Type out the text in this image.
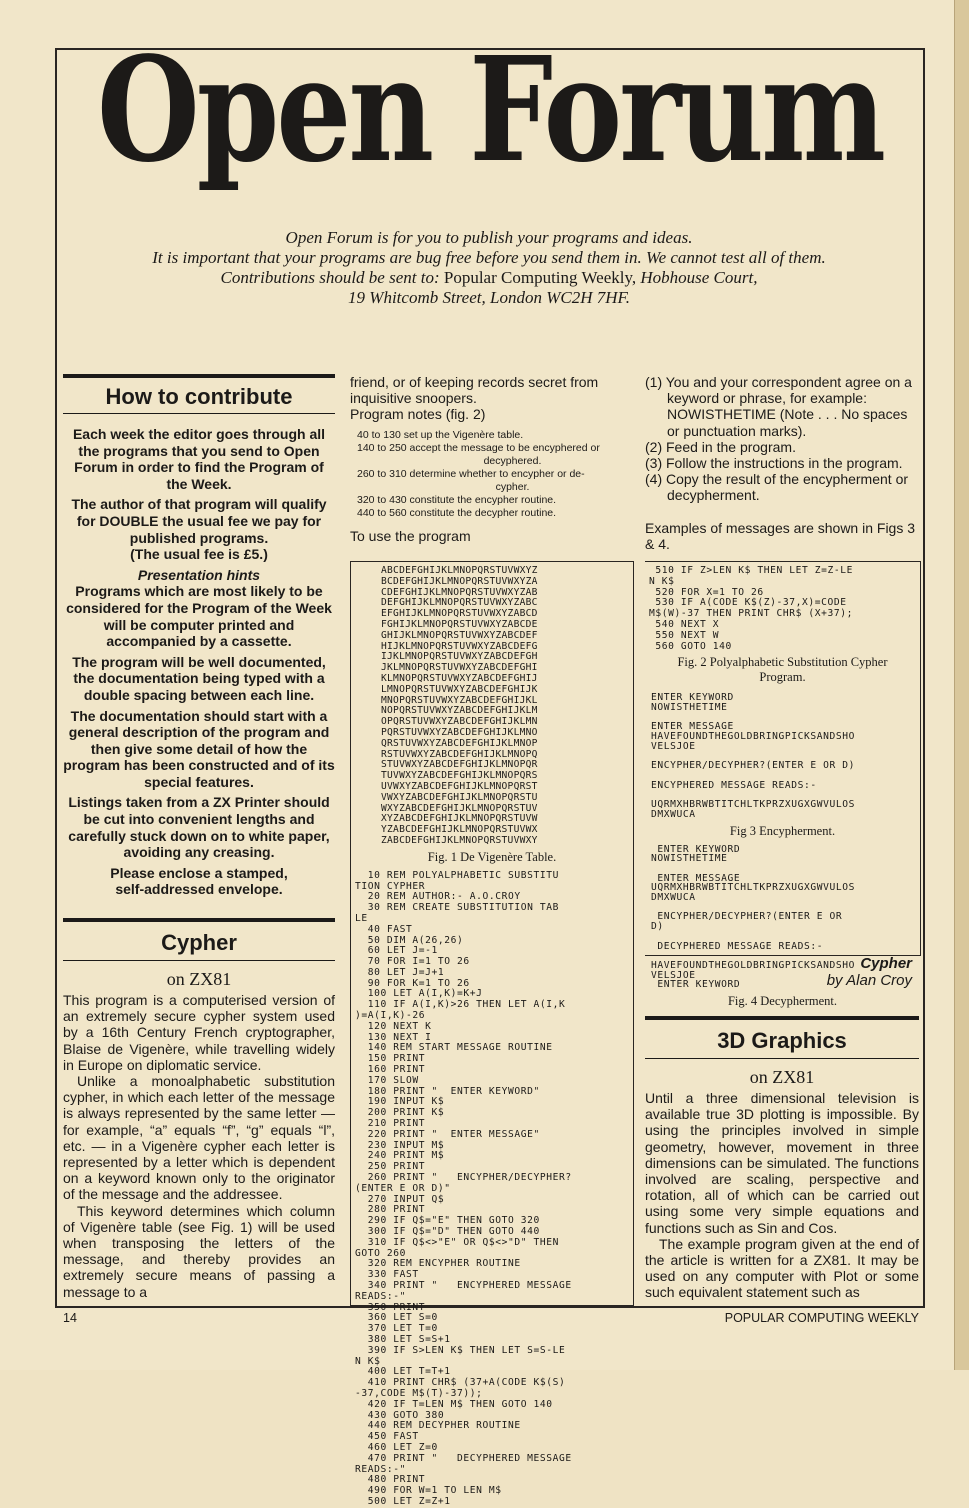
Open Forum
Open Forum is for you to publish your programs and ideas.
It is important that your programs are bug free before you send them in. We cannot test all of them.
Contributions should be sent to: Popular Computing Weekly, Hobhouse Court,
19 Whitcomb Street, London WC2H 7HF.
How to contribute

Each week the editor goes through all the programs that you send to Open Forum in order to find the Program of the Week.

The author of that program will qualify for DOUBLE the usual fee we pay for published programs.

(The usual fee is £5.)

Presentation hints

Programs which are most likely to be considered for the Program of the Week will be computer printed and accompanied by a cassette.

The program will be well documented, the documentation being typed with a double spacing between each line.

The documentation should start with a general description of the program and then give some detail of how the program has been constructed and of its special features.

Listings taken from a ZX Printer should be cut into convenient lengths and carefully stuck down on to white paper, avoiding any creasing.

Please enclose a stamped, self-addressed envelope.

Cypher
on ZX81

This program is a computerised version of an extremely secure cypher system used by a 16th Century French cryptographer, Blaise de Vigenère, while travelling widely in Europe on diplomatic service.

Unlike a monoalphabetic substitution cypher, in which each letter of the message is always represented by the same letter — for example, “a” equals “f”, “g” equals “l”, etc. — in a Vigenère cypher each letter is represented by a letter which is dependent on a keyword known only to the originator of the message and the addressee.

This keyword determines which column of Vigenère table (see Fig. 1) will be used when transposing the letters of the message, and thereby provides an extremely secure means of passing a message to a

friend, or of keeping records secret from inquisitive snoopers.

Program notes (fig. 2)

40 to 130 set up the Vigenère table.
140 to 250 accept the message to be encyphered or
decyphered.
260 to 310 determine whether to encypher or de-
cypher.
320 to 430 constitute the encypher routine.
440 to 560 constitute the decypher routine.

To use the program

(1) You and your correspondent agree on a keyword or phrase, for example: NOWISTHETIME (Note . . . No spaces or punctuation marks).
(2) Feed in the program.
(3) Follow the instructions in the program.
(4) Copy the result of the encypherment or decypherment.

Examples of messages are shown in Figs 3 & 4.

ABCDEFGHIJKLMNOPQRSTUVWXYZ
BCDEFGHIJKLMNOPQRSTUVWXYZA
CDEFGHIJKLMNOPQRSTUVWXYZAB
DEFGHIJKLMNOPQRSTUVWXYZABC
EFGHIJKLMNOPQRSTUVWXYZABCD
FGHIJKLMNOPQRSTUVWXYZABCDE
GHIJKLMNOPQRSTUVWXYZABCDEF
HIJKLMNOPQRSTUVWXYZABCDEFG
IJKLMNOPQRSTUVWXYZABCDEFGH
JKLMNOPQRSTUVWXYZABCDEFGHI
KLMNOPQRSTUVWXYZABCDEFGHIJ
LMNOPQRSTUVWXYZABCDEFGHIJK
MNOPQRSTUVWXYZABCDEFGHIJKL
NOPQRSTUVWXYZABCDEFGHIJKLM
OPQRSTUVWXYZABCDEFGHIJKLMN
PQRSTUVWXYZABCDEFGHIJKLMNO
QRSTUVWXYZABCDEFGHIJKLMNOP
RSTUVWXYZABCDEFGHIJKLMNOPQ
STUVWXYZABCDEFGHIJKLMNOPQR
TUVWXYZABCDEFGHIJKLMNOPQRS
UVWXYZABCDEFGHIJKLMNOPQRST
VWXYZABCDEFGHIJKLMNOPQRSTU
WXYZABCDEFGHIJKLMNOPQRSTUV
XYZABCDEFGHIJKLMNOPQRSTUVW
YZABCDEFGHIJKLMNOPQRSTUVWX
ZABCDEFGHIJKLMNOPQRSTUVWXY
Fig. 1 De Vigenère Table.
10 REM POLYALPHABETIC SUBSTITU
TION CYPHER
20 REM AUTHOR:- A.O.CROY
30 REM CREATE SUBSTITUTION TAB
LE
40 FAST
50 DIM A(26,26)
60 LET J=-1
70 FOR I=1 TO 26
80 LET J=J+1
90 FOR K=1 TO 26
100 LET A(I,K)=K+J
110 IF A(I,K)>26 THEN LET A(I,K
)=A(I,K)-26
120 NEXT K
130 NEXT I
140 REM START MESSAGE ROUTINE
150 PRINT
160 PRINT
170 SLOW
180 PRINT "  ENTER KEYWORD"
190 INPUT K$
200 PRINT K$
210 PRINT
220 PRINT "  ENTER MESSAGE"
230 INPUT M$
240 PRINT M$
250 PRINT
260 PRINT "   ENCYPHER/DECYPHER?
(ENTER E OR D)"
270 INPUT Q$
280 PRINT
290 IF Q$="E" THEN GOTO 320
300 IF Q$="D" THEN GOTO 440
310 IF Q$<>"E" OR Q$<>"D" THEN
GOTO 260
320 REM ENCYPHER ROUTINE
330 FAST
340 PRINT "   ENCYPHERED MESSAGE
READS:-"
350 PRINT
360 LET S=0
370 LET T=0
380 LET S=S+1
390 IF S>LEN K$ THEN LET S=S-LE
N K$
400 LET T=T+1
410 PRINT CHR$ (37+A(CODE K$(S)
-37,CODE M$(T)-37));
420 IF T=LEN M$ THEN GOTO 140
430 GOTO 380
440 REM DECYPHER ROUTINE
450 FAST
460 LET Z=0
470 PRINT "   DECYPHERED MESSAGE
READS:-"
480 PRINT
490 FOR W=1 TO LEN M$
500 LET Z=Z+1
510 IF Z>LEN K$ THEN LET Z=Z-LE
N K$
520 FOR X=1 TO 26
530 IF A(CODE K$(Z)-37,X)=CODE
M$(W)-37 THEN PRINT CHR$ (X+37);
540 NEXT X
550 NEXT W
560 GOTO 140
Fig. 2 Polyalphabetic Substitution Cypher Program.
ENTER KEYWORD
NOWISTHETIME

ENTER MESSAGE
HAVEFOUNDTHEGOLDBRINGPICKSANDSHO
VELSJOE

ENCYPHER/DECYPHER?(ENTER E OR D)

ENCYPHERED MESSAGE READS:-

UQRMXHBRWBTITCHLTKPRZXUGXGWVULOS
DMXWUCA
Fig 3 Encypherment.
ENTER KEYWORD
NOWISTHETIME

ENTER MESSAGE
UQRMXHBRWBTITCHLTKPRZXUGXGWVULOS
DMXWUCA

ENCYPHER/DECYPHER?(ENTER E OR
D)

DECYPHERED MESSAGE READS:-

HAVEFOUNDTHEGOLDBRINGPICKSANDSHO
VELSJOE
ENTER KEYWORD
Fig. 4 Decypherment.
Cypher
by Alan Croy
3D Graphics
on ZX81

Until a three dimensional television is available true 3D plotting is impossible. By using the principles involved in simple geometry, however, movement in three dimensions can be simulated. The functions involved are scaling, perspective and rotation, all of which can be carried out using some very simple equations and functions such as Sin and Cos.

The example program given at the end of the article is written for a ZX81. It may be used on any computer with Plot or some such equivalent statement such as

14	POPULAR COMPUTING WEEKLY
